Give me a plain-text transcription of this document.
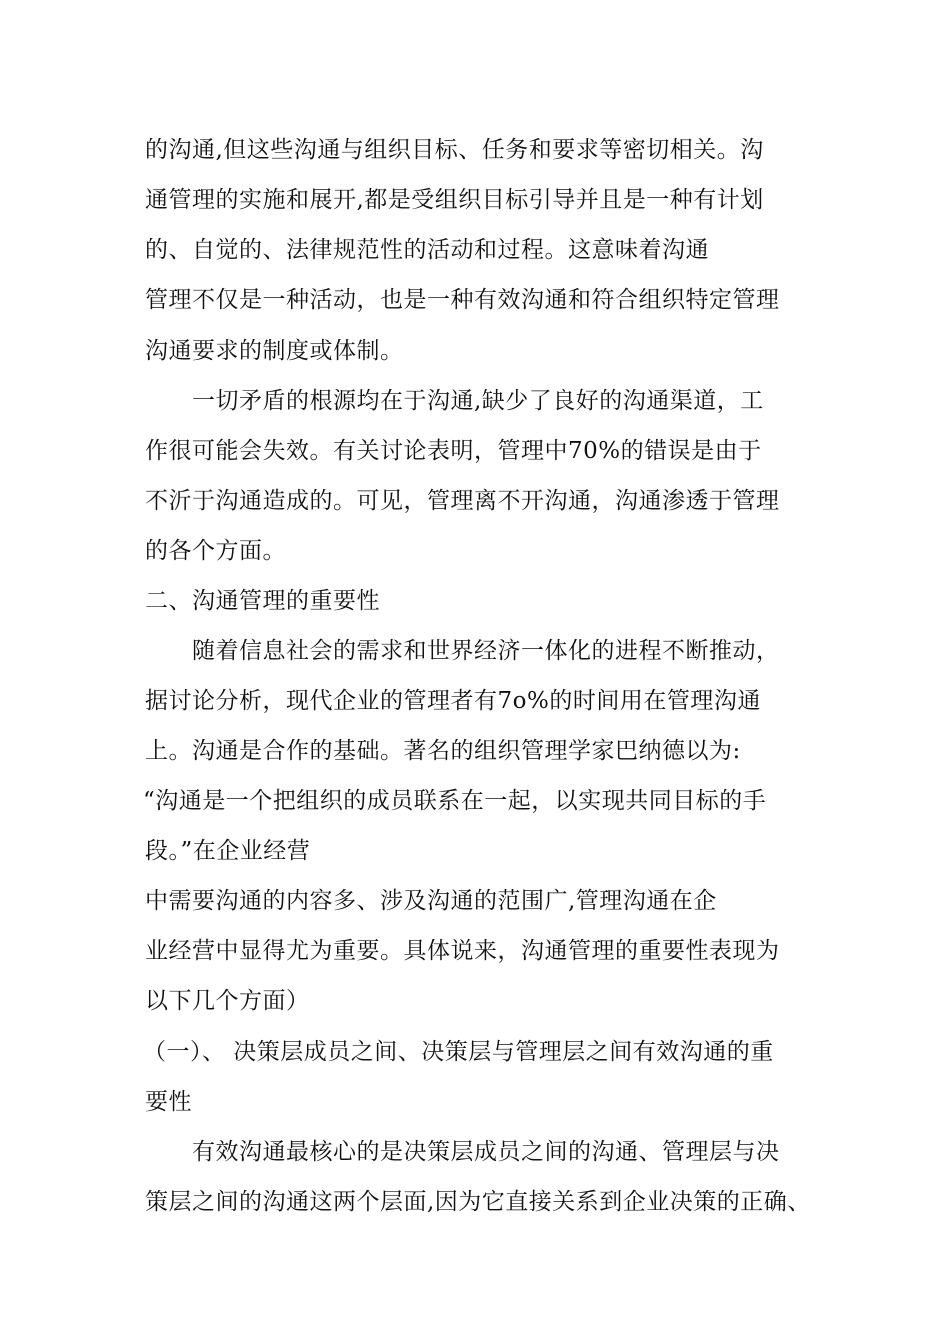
的沟通,但这些沟通与组织目标、任务和要求等密切相关。沟
通管理的实施和展开,都是受组织目标引导并且是一种有计划
的、自觉的、法律规范性的活动和过程。这意味着沟通
管理不仅是一种活动，也是一种有效沟通和符合组织特定管理
沟通要求的制度或体制。
一切矛盾的根源均在于沟通,缺少了良好的沟通渠道，工
作很可能会失效。有关讨论表明，管理中70%的错误是由于
不沂于沟通造成的。可见，管理离不开沟通，沟通渗透于管理
的各个方面。
二、沟通管理的重要性
随着信息社会的需求和世界经济一体化的进程不断推动，
据讨论分析，现代企业的管理者有7o%的时间用在管理沟通
上。沟通是合作的基础。著名的组织管理学家巴纳德以为:
“沟通是一个把组织的成员联系在一起，以实现共同目标的手
段。”在企业经营
中需要沟通的内容多、涉及沟通的范围广,管理沟通在企
业经营中显得尤为重要。具体说来，沟通管理的重要性表现为
以下几个方面）
（一）、 决策层成员之间、决策层与管理层之间有效沟通的重
要性
有效沟通最核心的是决策层成员之间的沟通、管理层与决
策层之间的沟通这两个层面,因为它直接关系到企业决策的正确、
